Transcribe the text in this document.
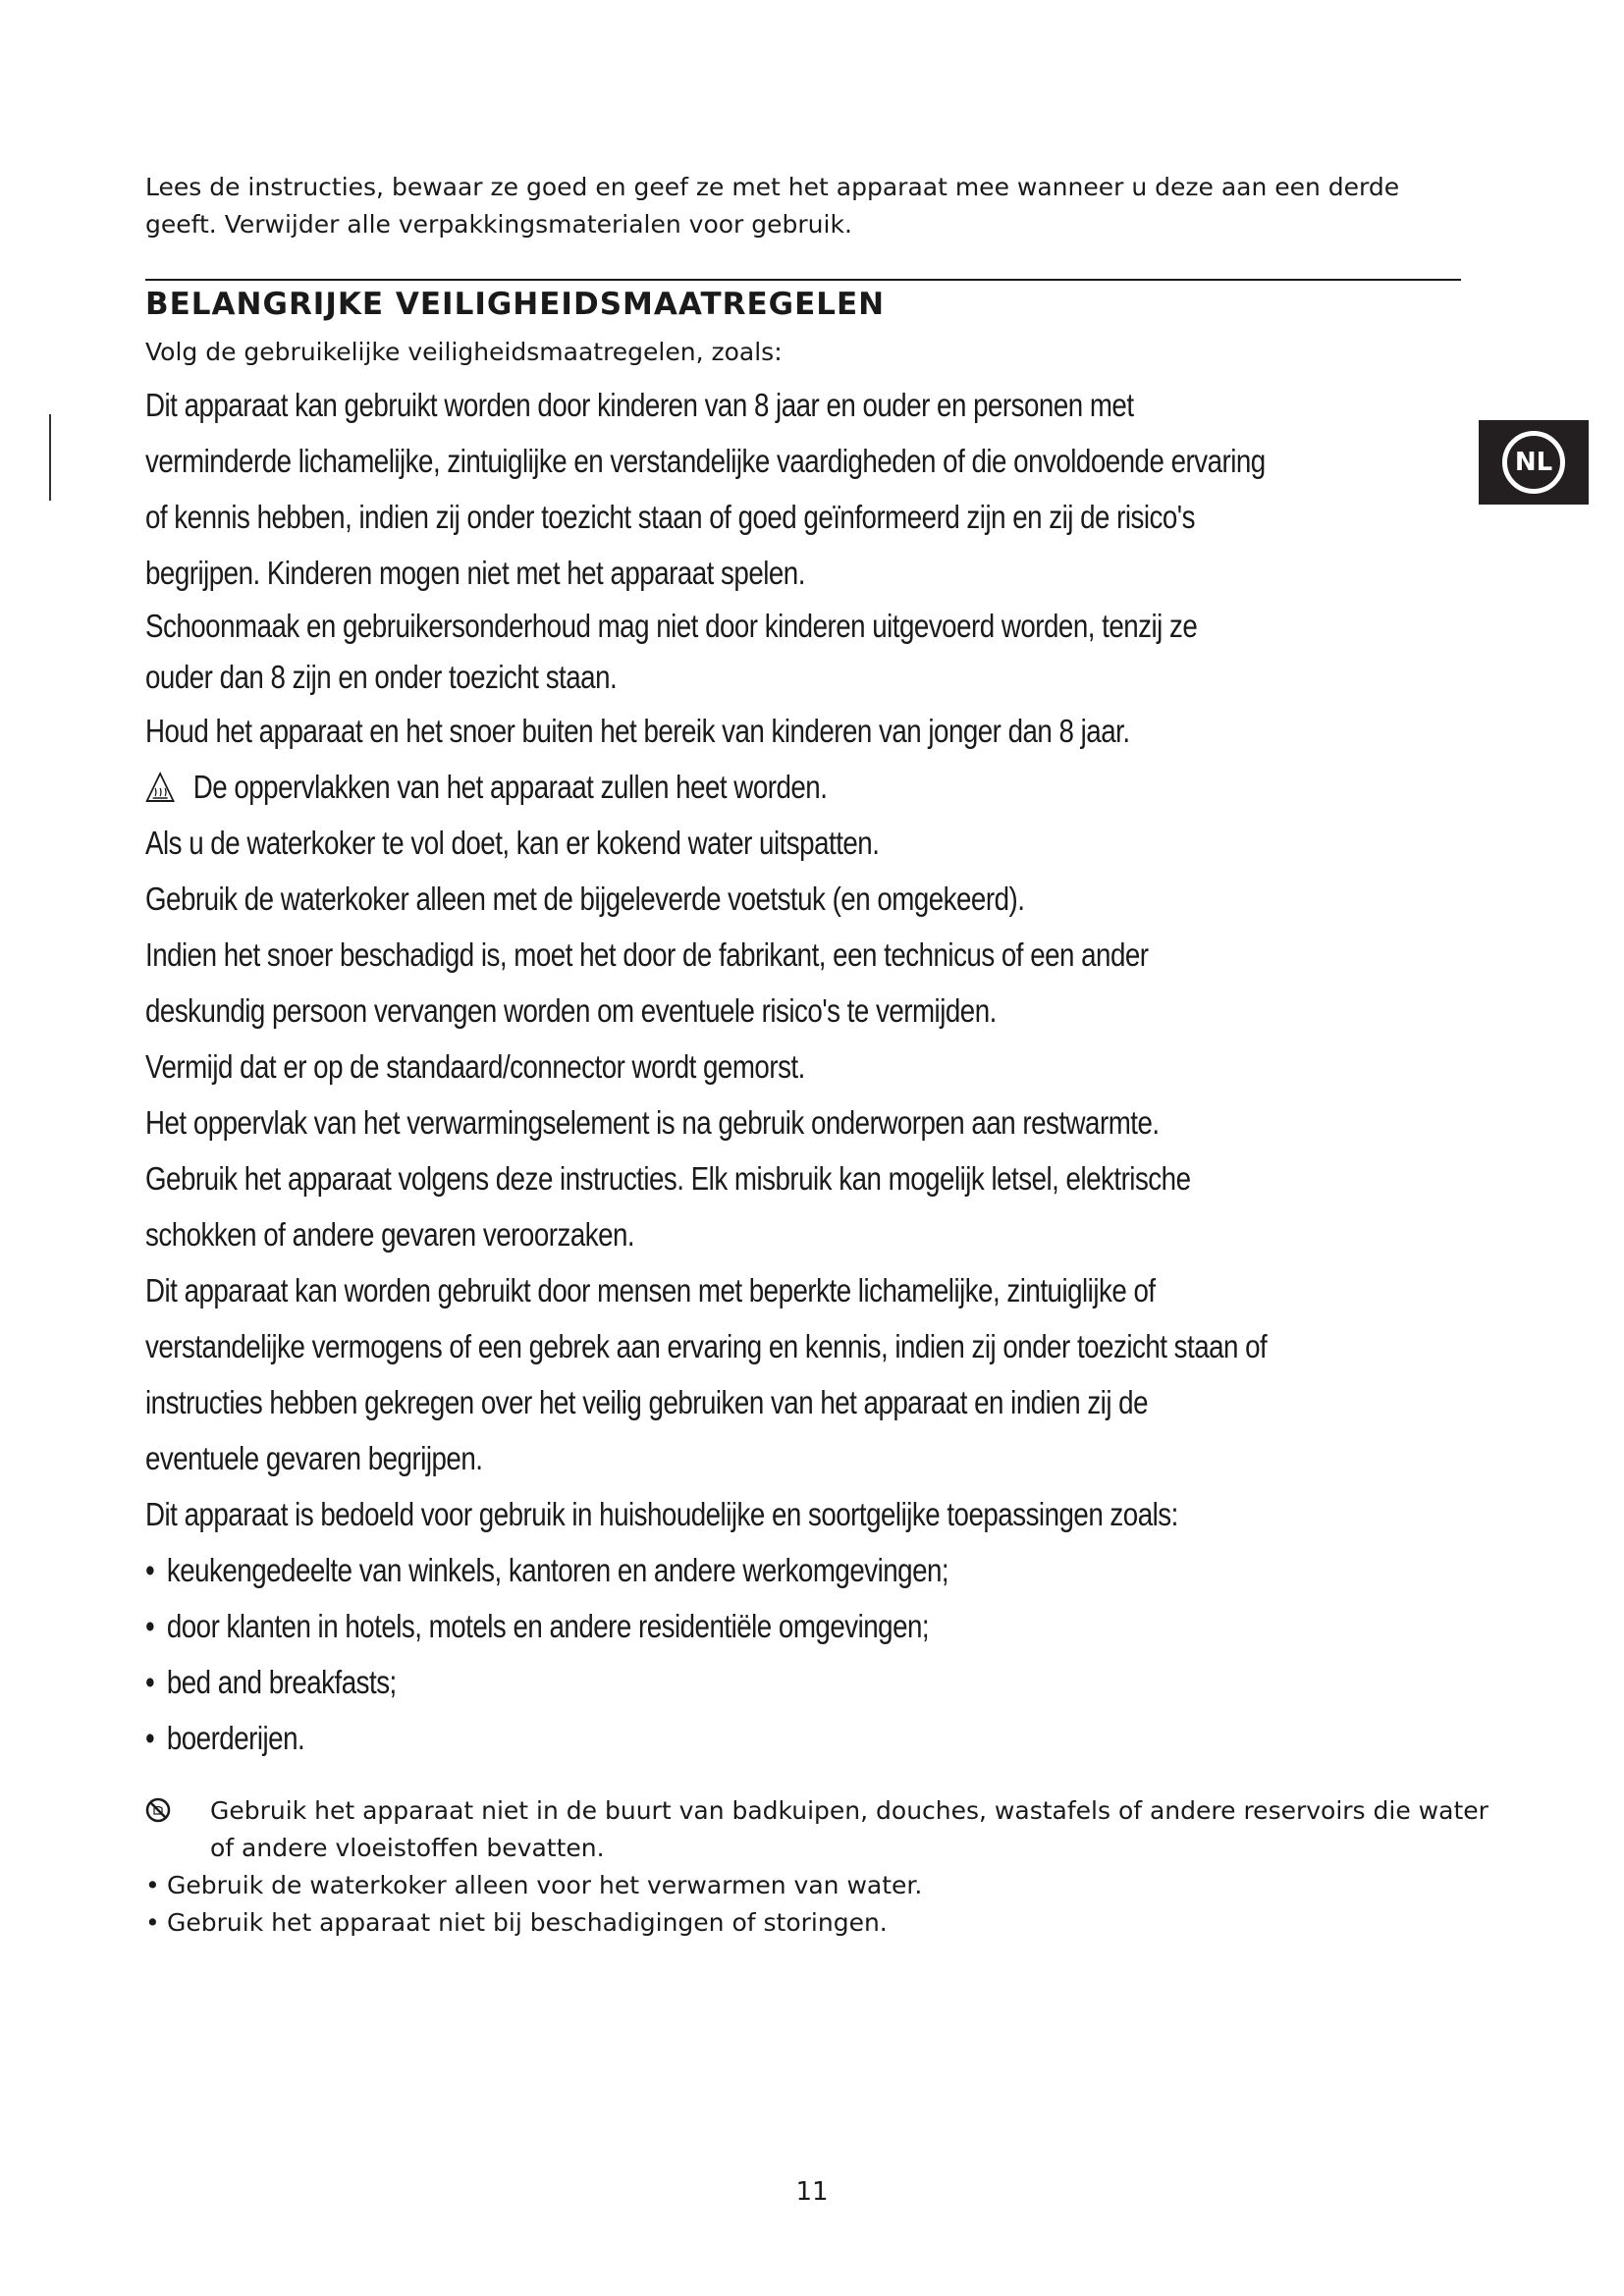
Lees de instructies, bewaar ze goed en geef ze met het apparaat mee wanneer u deze aan een derde geeft. Verwijder alle verpakkingsmaterialen voor gebruik.

BELANGRIJKE VEILIGHEIDSMAATREGELEN

Volg de gebruikelijke veiligheidsmaatregelen, zoals:

NL

Dit apparaat kan gebruikt worden door kinderen van 8 jaar en ouder en personen met verminderde lichamelijke, zintuiglijke en verstandelijke vaardigheden of die onvoldoende ervaring of kennis hebben, indien zij onder toezicht staan of goed geïnformeerd zijn en zij de risico's begrijpen. Kinderen mogen niet met het apparaat spelen.

Schoonmaak en gebruikersonderhoud mag niet door kinderen uitgevoerd worden, tenzij ze ouder dan 8 zijn en onder toezicht staan.

Houd het apparaat en het snoer buiten het bereik van kinderen van jonger dan 8 jaar.

De oppervlakken van het apparaat zullen heet worden.

Als u de waterkoker te vol doet, kan er kokend water uitspatten.

Gebruik de waterkoker alleen met de bijgeleverde voetstuk (en omgekeerd).

Indien het snoer beschadigd is, moet het door de fabrikant, een technicus of een ander deskundig persoon vervangen worden om eventuele risico's te vermijden.

Vermijd dat er op de standaard/connector wordt gemorst.

Het oppervlak van het verwarmingselement is na gebruik onderworpen aan restwarmte.

Gebruik het apparaat volgens deze instructies. Elk misbruik kan mogelijk letsel, elektrische schokken of andere gevaren veroorzaken.

Dit apparaat kan worden gebruikt door mensen met beperkte lichamelijke, zintuiglijke of verstandelijke vermogens of een gebrek aan ervaring en kennis, indien zij onder toezicht staan of instructies hebben gekregen over het veilig gebruiken van het apparaat en indien zij de eventuele gevaren begrijpen.

Dit apparaat is bedoeld voor gebruik in huishoudelijke en soortgelijke toepassingen zoals:

• keukengedeelte van winkels, kantoren en andere werkomgevingen;

• door klanten in hotels, motels en andere residentiële omgevingen;

• bed and breakfasts;

• boerderijen.

Gebruik het apparaat niet in de buurt van badkuipen, douches, wastafels of andere reservoirs die water of andere vloeistoffen bevatten.
• Gebruik de waterkoker alleen voor het verwarmen van water.
• Gebruik het apparaat niet bij beschadigingen of storingen.
11
